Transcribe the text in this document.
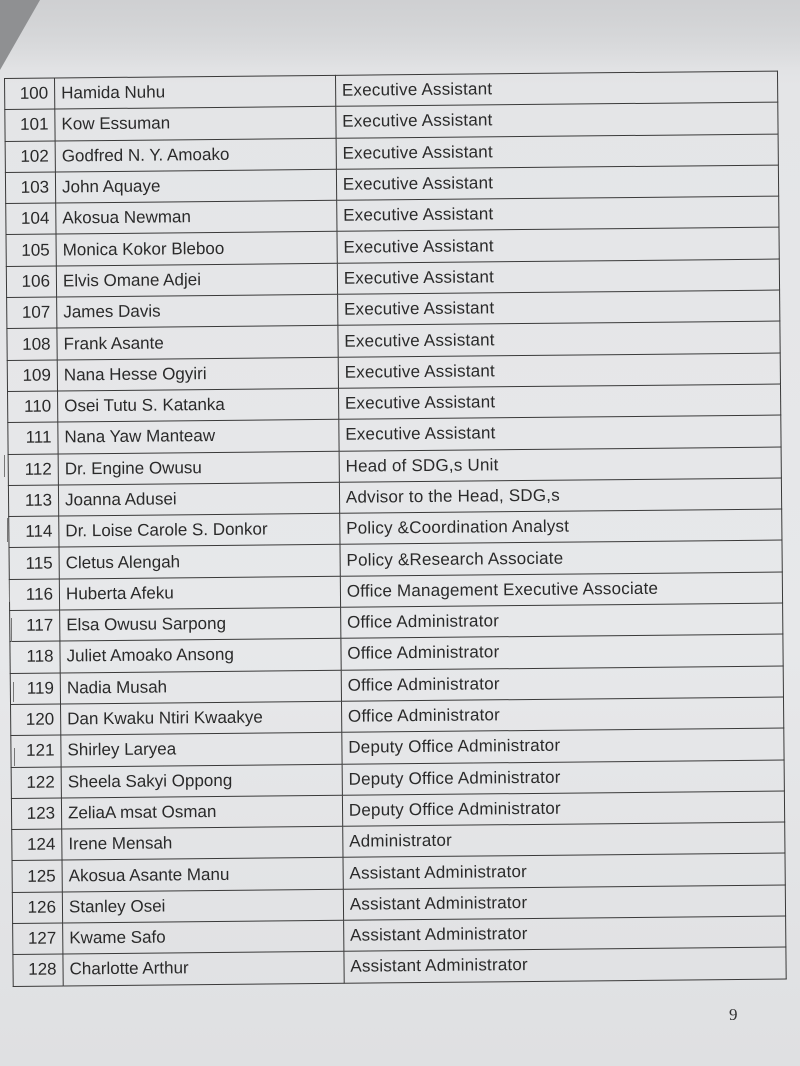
100	Hamida Nuhu	Executive Assistant
101	Kow Essuman	Executive Assistant
102	Godfred N. Y. Amoako	Executive Assistant
103	John Aquaye	Executive Assistant
104	Akosua Newman	Executive Assistant
105	Monica Kokor Bleboo	Executive Assistant
106	Elvis Omane Adjei	Executive Assistant
107	James Davis	Executive Assistant
108	Frank Asante	Executive Assistant
109	Nana Hesse Ogyiri	Executive Assistant
110	Osei Tutu S. Katanka	Executive Assistant
111	Nana Yaw Manteaw	Executive Assistant
112	Dr. Engine Owusu	Head of SDG,s Unit
113	Joanna Adusei	Advisor to the Head, SDG,s
114	Dr. Loise Carole S. Donkor	Policy &Coordination Analyst
115	Cletus Alengah	Policy &Research Associate
116	Huberta Afeku	Office Management Executive Associate
117	Elsa Owusu Sarpong	Office Administrator
118	Juliet Amoako Ansong	Office Administrator
119	Nadia Musah	Office Administrator
120	Dan Kwaku Ntiri Kwaakye	Office Administrator
121	Shirley Laryea	Deputy Office Administrator
122	Sheela Sakyi Oppong	Deputy Office Administrator
123	ZeliaA msat Osman	Deputy Office Administrator
124	Irene Mensah	Administrator
125	Akosua Asante Manu	Assistant Administrator
126	Stanley Osei	Assistant Administrator
127	Kwame Safo	Assistant Administrator
128	Charlotte Arthur	Assistant Administrator
9
